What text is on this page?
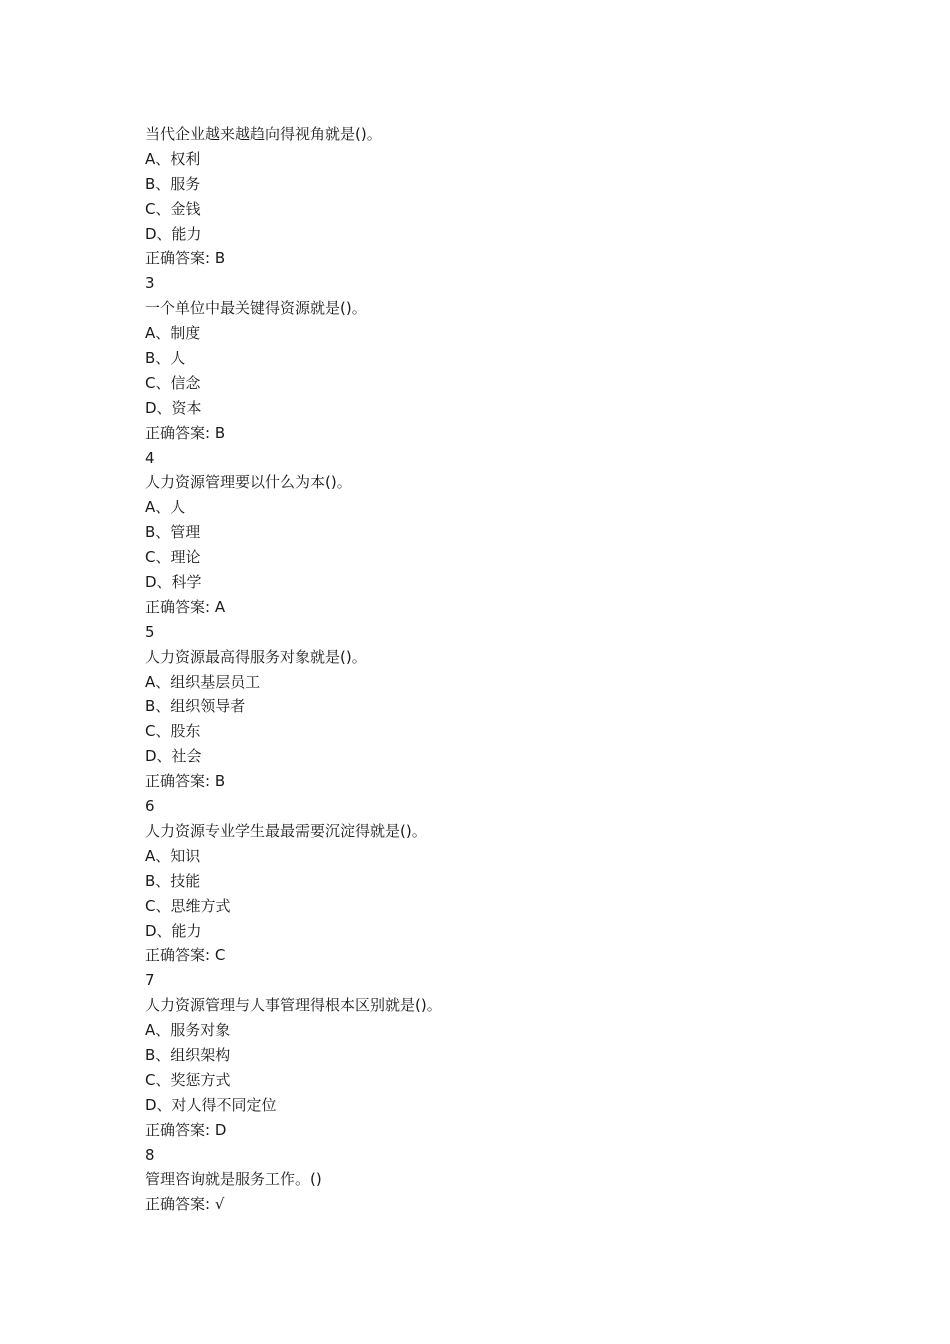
当代企业越来越趋向得视角就是()。
A、权利
B、服务
C、金钱
D、能力
正确答案: B
3
一个单位中最关键得资源就是()。
A、制度
B、人
C、信念
D、资本
正确答案: B
4
人力资源管理要以什么为本()。
A、人
B、管理
C、理论
D、科学
正确答案: A
5
人力资源最高得服务对象就是()。
A、组织基层员工
B、组织领导者
C、股东
D、社会
正确答案: B
6
人力资源专业学生最最需要沉淀得就是()。
A、知识
B、技能
C、思维方式
D、能力
正确答案: C
7
人力资源管理与人事管理得根本区别就是()。
A、服务对象
B、组织架构
C、奖惩方式
D、对人得不同定位
正确答案: D
8
管理咨询就是服务工作。()
正确答案: √
